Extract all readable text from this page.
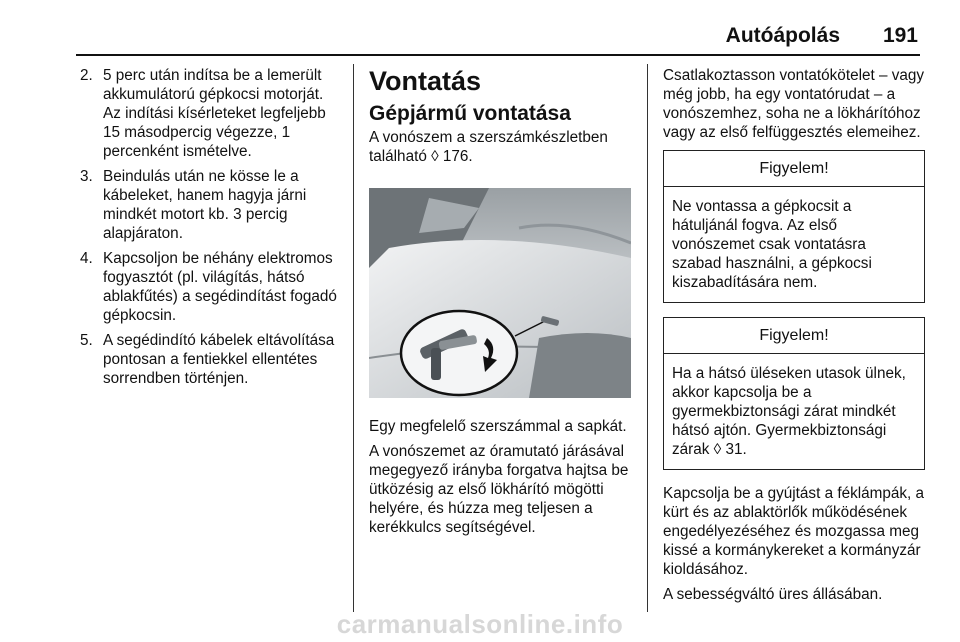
Autóápolás 191
2. 5 perc után indítsa be a lemerült akkumulátorú gépkocsi motorját. Az indítási kísérleteket legfeljebb 15 másodpercig végezze, 1 percenként ismételve.
3. Beindulás után ne kösse le a kábeleket, hanem hagyja járni mindkét motort kb. 3 percig alapjáraton.
4. Kapcsoljon be néhány elektromos fogyasztót (pl. világítás, hátsó ablakfűtés) a segédindítást fogadó gépkocsin.
5. A segédindító kábelek eltávolítása pontosan a fentiekkel ellentétes sorrendben történjen.
Vontatás
Gépjármű vontatása

A vonószem a szerszámkészletben található ◊ 176.

Egy megfelelő szerszámmal a sapkát.

A vonószemet az óramutató járásával megegyező irányba forgatva hajtsa be ütközésig az első lökhárító mögötti helyére, és húzza meg teljesen a kerékkulcs segítségével.

Csatlakoztasson vontatókötelet – vagy még jobb, ha egy vontatórudat – a vonószemhez, soha ne a lökhárítóhoz vagy az első felfüggesztés elemeihez.

Figyelem!
Ne vontassa a gépkocsit a hátuljánál fogva. Az első vonószemet csak vontatásra szabad használni, a gépkocsi kiszabadítására nem.
Figyelem!
Ha a hátsó üléseken utasok ülnek, akkor kapcsolja be a gyermekbiztonsági zárat mindkét hátsó ajtón. Gyermekbiztonsági zárak ◊ 31.

Kapcsolja be a gyújtást a féklámpák, a kürt és az ablaktörlők működésének engedélyezéséhez és mozgassa meg kissé a kormánykereket a kormányzár kioldásához.

A sebességváltó üres állásában.

carmanualsonline.info
